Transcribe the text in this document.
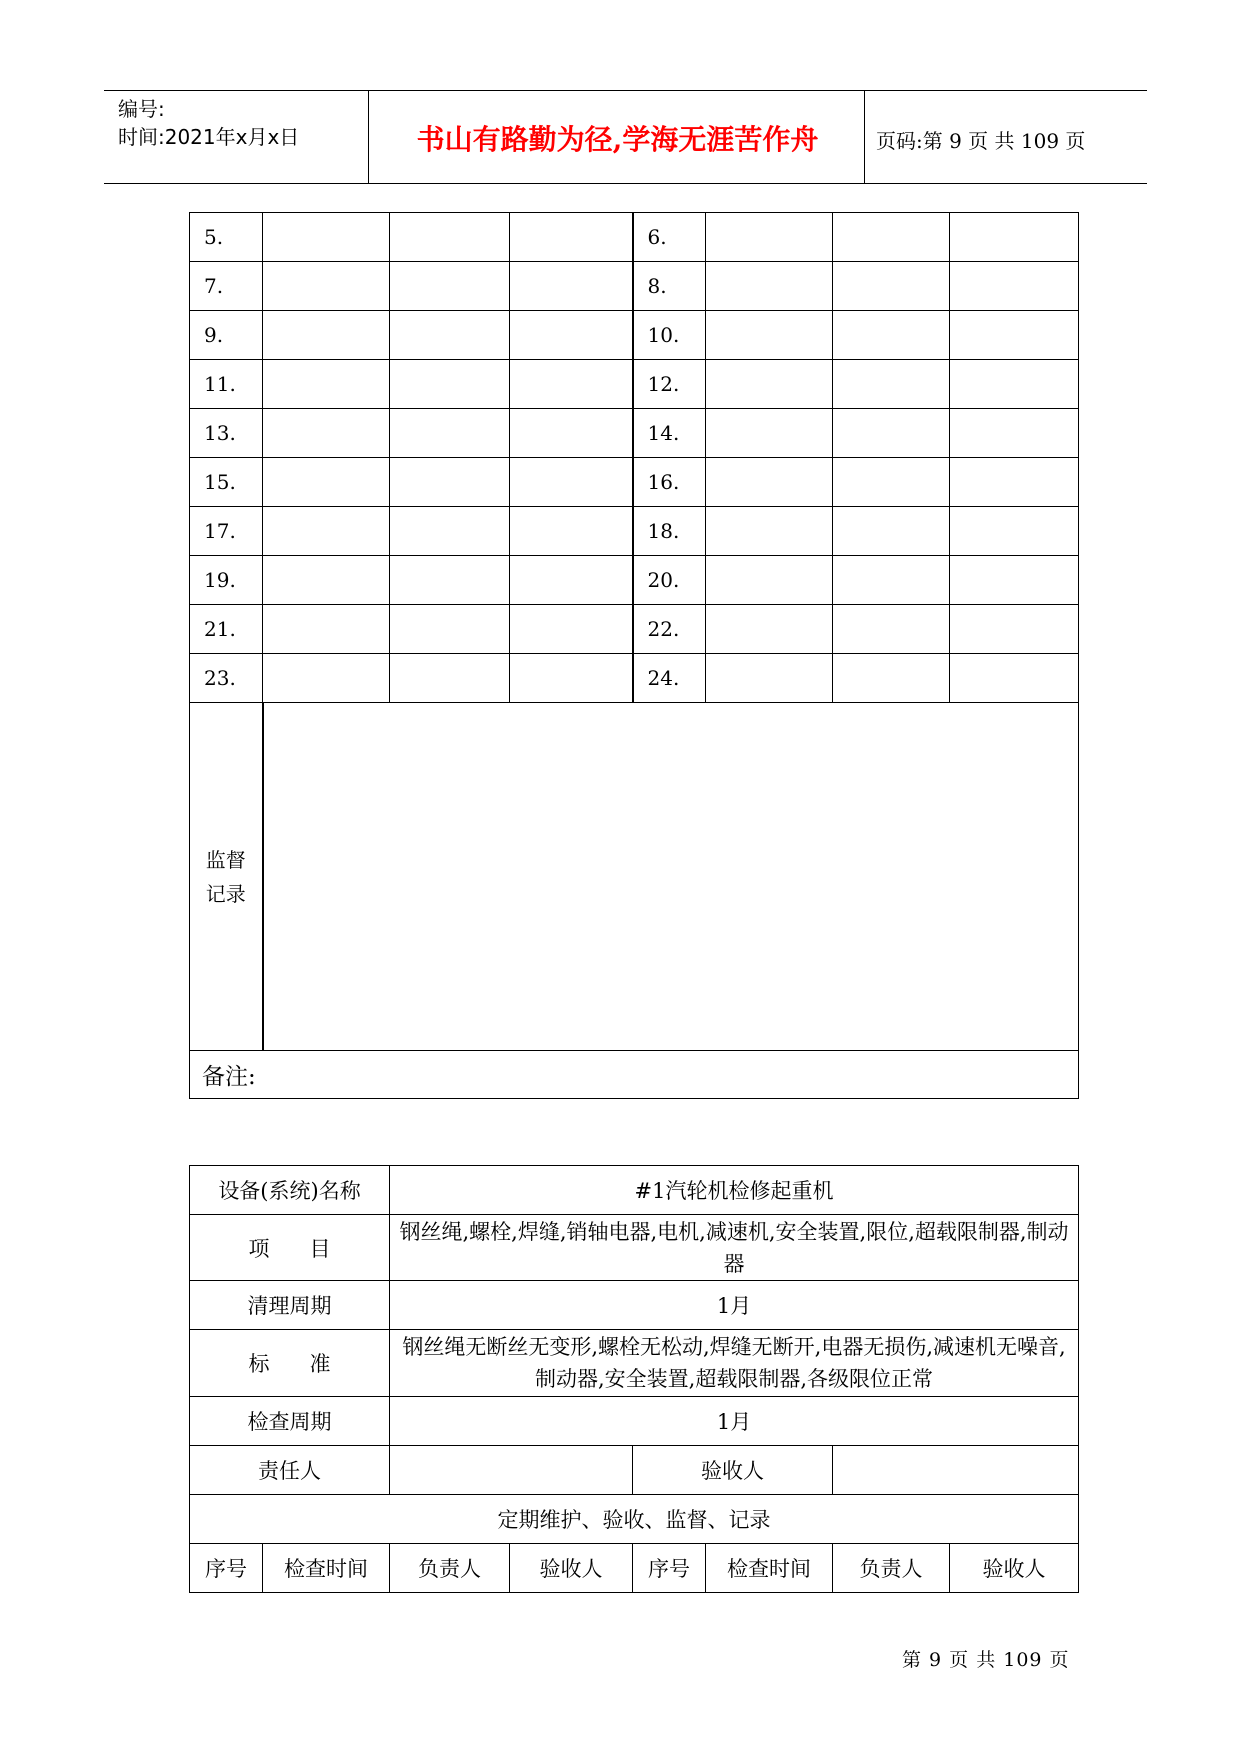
编号:
时间:2021年x月x日	书山有路勤为径,学海无涯苦作舟	页码:第 9 页 共 109 页
5.				6.			
7.				8.			
9.				10.			
11.				12.			
13.				14.			
15.				16.			
17.				18.			
19.				20.			
21.				22.			
23.				24.			

监督
记录							

备注:							
设备(系统)名称		#1汽轮机检修起重机					
项      目		钢丝绳,螺栓,焊缝,销轴电器,电机,减速机,安全装置,限位,超载限制器,制动器					
清理周期		1月					
标      准		钢丝绳无断丝无变形,螺栓无松动,焊缝无断开,电器无损伤,减速机无噪音,制动器,安全装置,超载限制器,各级限位正常					
检查周期		1月					
责任人				验收人			
定期维护、验收、监督、记录							
序号	检查时间	负责人	验收人	序号	检查时间	负责人	验收人
第 9 页 共 109 页
